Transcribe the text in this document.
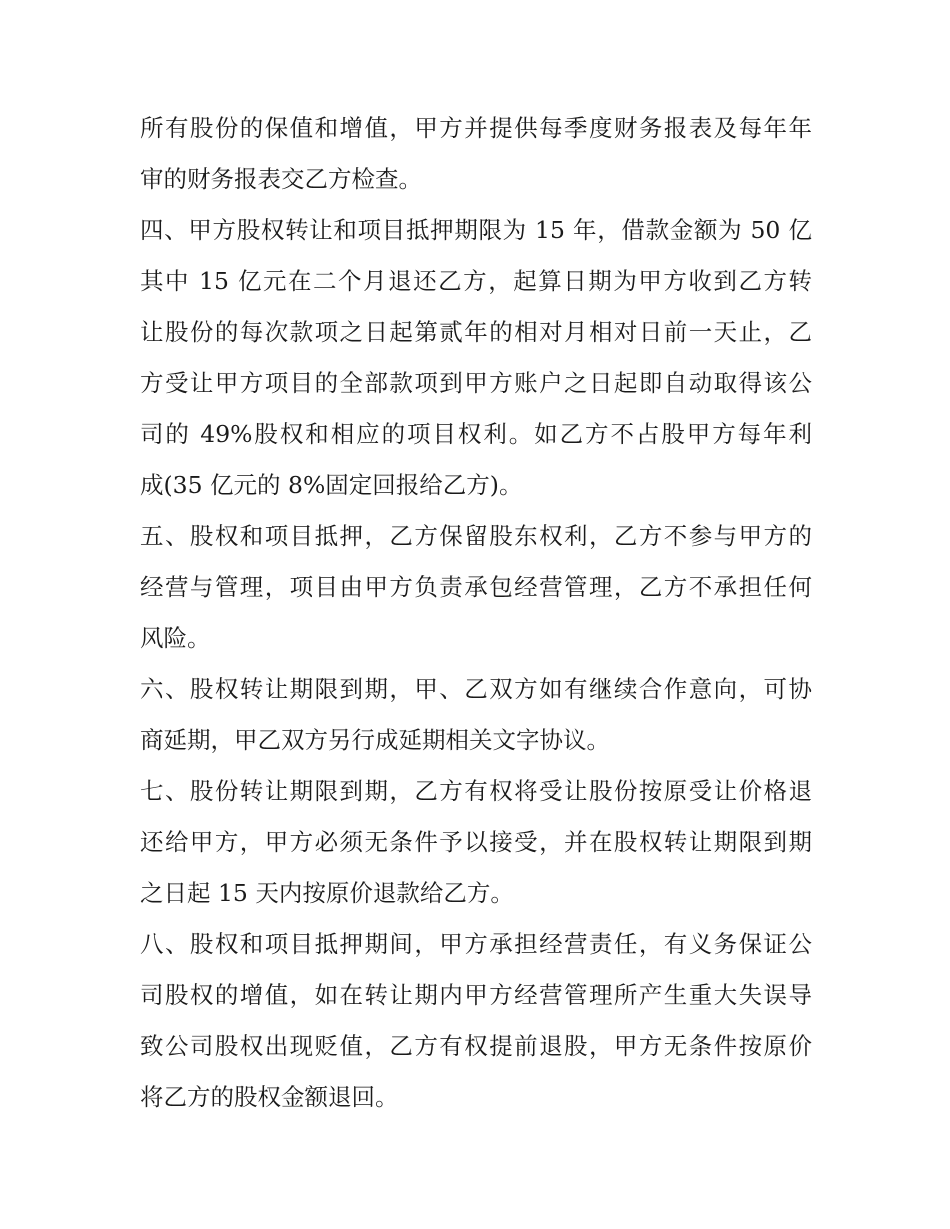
所有股份的保值和增值，甲方并提供每季度财务报表及每年年
审的财务报表交乙方检查。
四、甲方股权转让和项目抵押期限为 15 年，借款金额为 50 亿
其中 15 亿元在二个月退还乙方，起算日期为甲方收到乙方转
让股份的每次款项之日起第贰年的相对月相对日前一天止，乙
方受让甲方项目的全部款项到甲方账户之日起即自动取得该公
司的 49%股权和相应的项目权利。如乙方不占股甲方每年利
成(35 亿元的 8%固定回报给乙方)。
五、股权和项目抵押，乙方保留股东权利，乙方不参与甲方的
经营与管理，项目由甲方负责承包经营管理，乙方不承担任何
风险。
六、股权转让期限到期，甲、乙双方如有继续合作意向，可协
商延期，甲乙双方另行成延期相关文字协议。
七、股份转让期限到期，乙方有权将受让股份按原受让价格退
还给甲方，甲方必须无条件予以接受，并在股权转让期限到期
之日起 15 天内按原价退款给乙方。
八、股权和项目抵押期间，甲方承担经营责任，有义务保证公
司股权的增值，如在转让期内甲方经营管理所产生重大失误导
致公司股权出现贬值，乙方有权提前退股，甲方无条件按原价
将乙方的股权金额退回。
